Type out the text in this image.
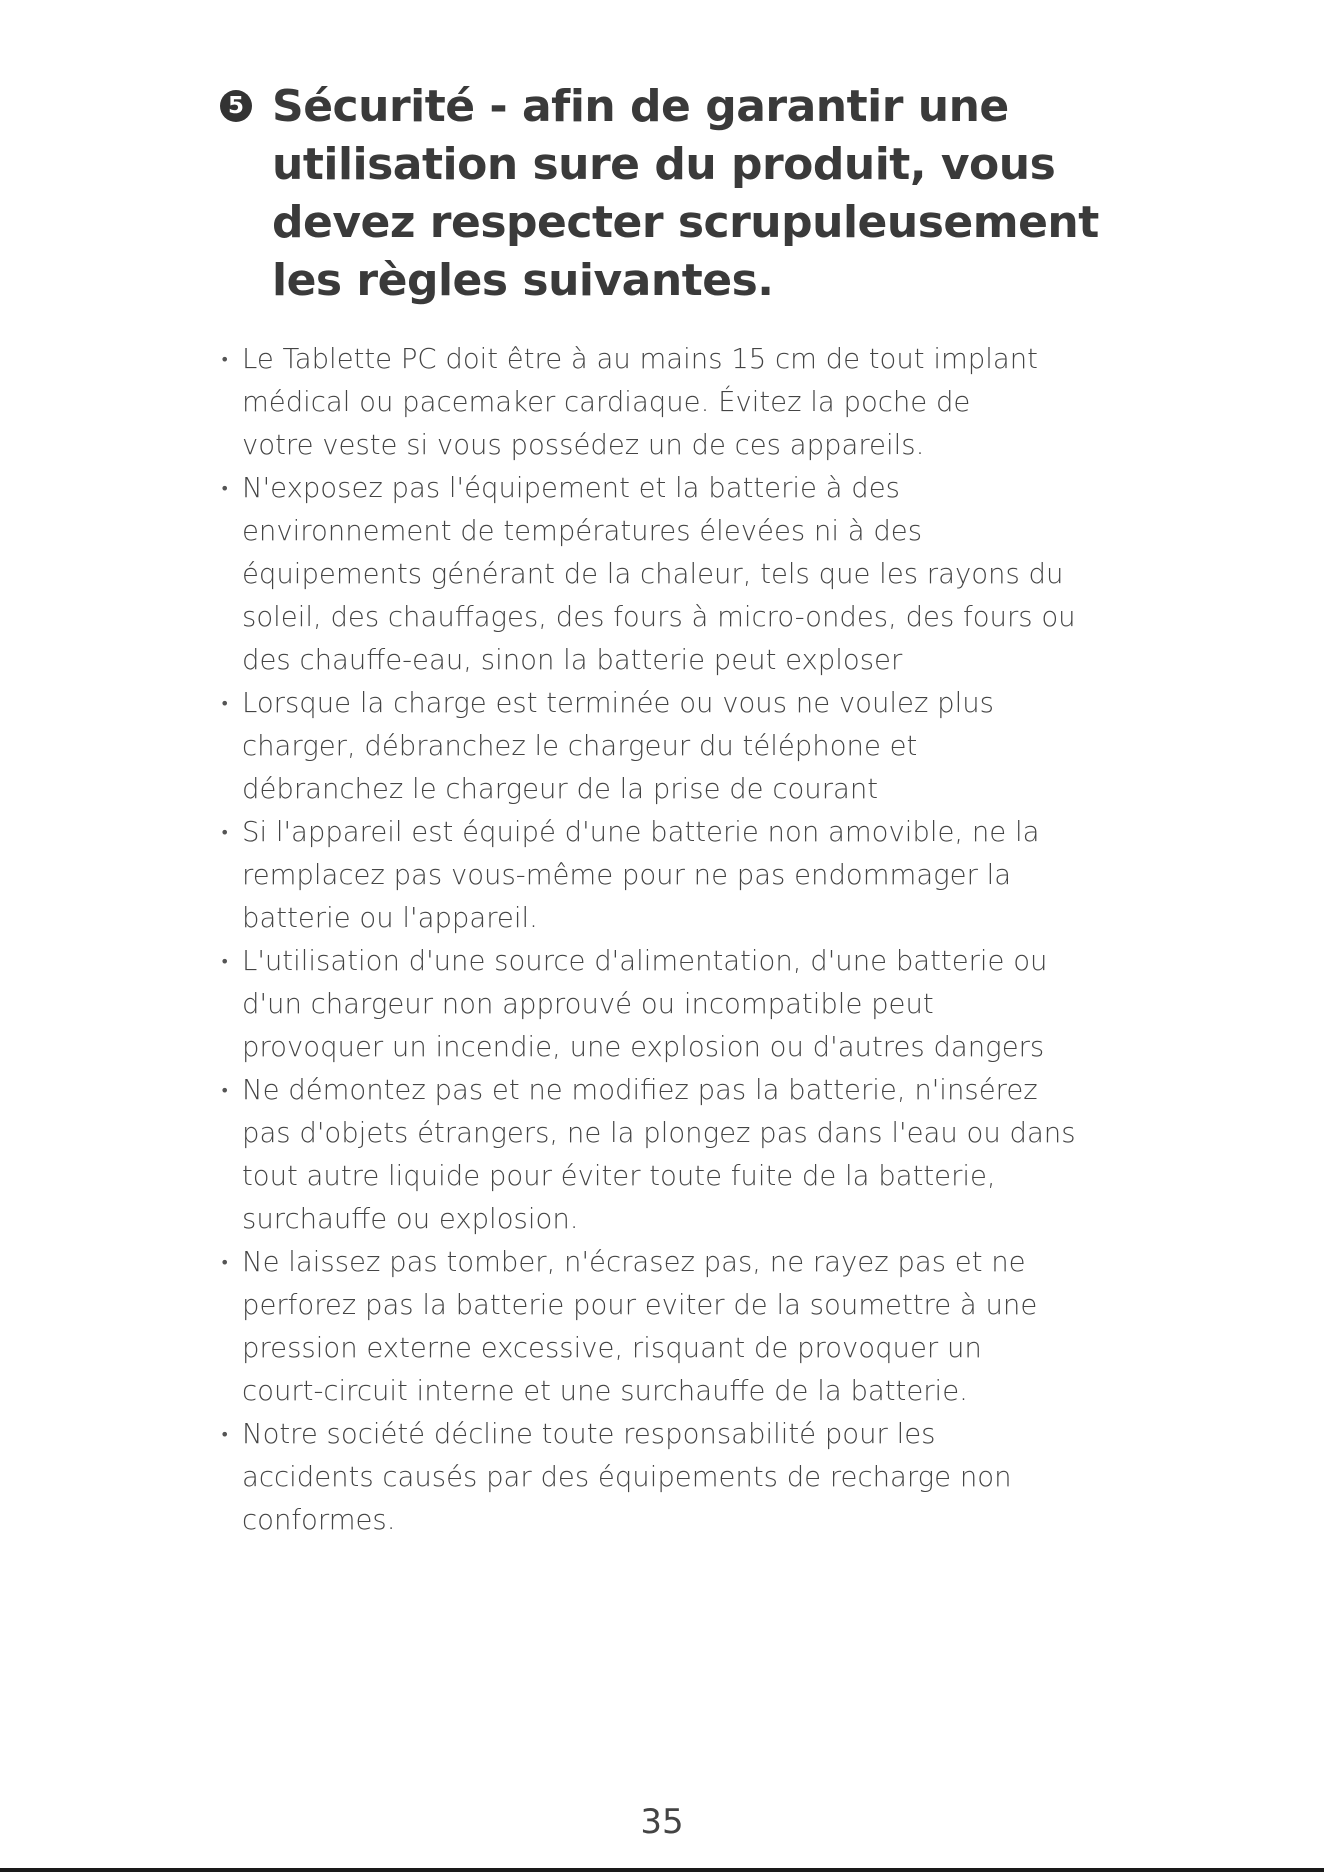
5 Sécurité - afin de garantir une
utilisation sure du produit, vous
devez respecter scrupuleusement
les règles suivantes.
• Le Tablette PC doit être à au mains 15 cm de tout implant
médical ou pacemaker cardiaque. Évitez la poche de
votre veste si vous possédez un de ces appareils.
• N'exposez pas l'équipement et la batterie à des
environnement de températures élevées ni à des
équipements générant de la chaleur, tels que les rayons du
soleil, des chauffages, des fours à micro-ondes, des fours ou
des chauffe-eau, sinon la batterie peut exploser
• Lorsque la charge est terminée ou vous ne voulez plus
charger, débranchez le chargeur du téléphone et
débranchez le chargeur de la prise de courant
• Si l'appareil est équipé d'une batterie non amovible, ne la
remplacez pas vous-même pour ne pas endommager la
batterie ou l'appareil.
• L'utilisation d'une source d'alimentation, d'une batterie ou
d'un chargeur non approuvé ou incompatible peut
provoquer un incendie, une explosion ou d'autres dangers
• Ne démontez pas et ne modifiez pas la batterie, n'insérez
pas d'objets étrangers, ne la plongez pas dans l'eau ou dans
tout autre liquide pour éviter toute fuite de la batterie,
surchauffe ou explosion.
• Ne laissez pas tomber, n'écrasez pas, ne rayez pas et ne
perforez pas la batterie pour eviter de la soumettre à une
pression externe excessive, risquant de provoquer un
court-circuit interne et une surchauffe de la batterie.
• Notre société décline toute responsabilité pour les
accidents causés par des équipements de recharge non
conformes.
35
